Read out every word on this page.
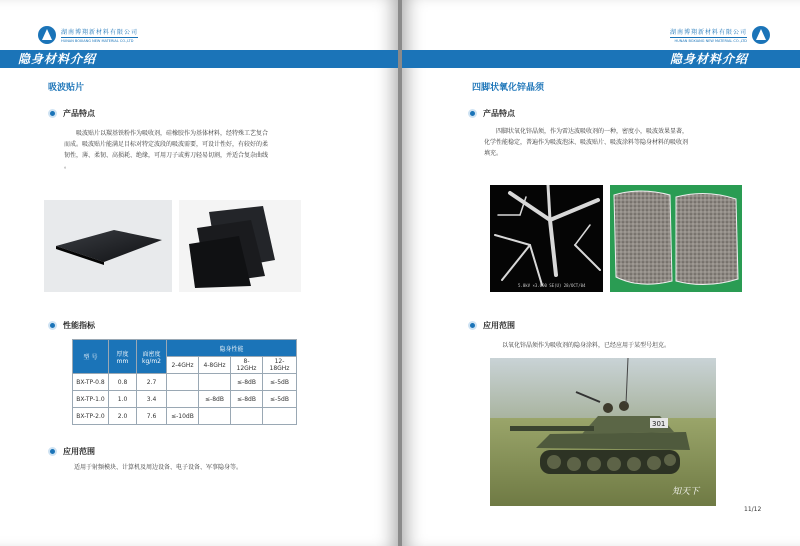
湖南博翔新材料有限公司
HUNAN BOXIANG NEW MATERIAL CO.,LTD
隐身材料介绍
吸波贴片
产品特点
吸波贴片以羰基铁粉作为吸收剂，硅橡胶作为基体材料，经特殊工艺复合
而成。吸波贴片能满足目标对特定波段的吸波需要，可设计性好，有较好的柔
韧性，薄、柔韧、高损耗、绝缘，可用刀子或剪刀轻易切割，并适合复杂曲线
。
性能指标
型 号	厚度 mm	面密度 kg/m2	隐身性能			
			2-4GHz	4-8GHz	8-12GHz	12-18GHz
BX-TP-0.8	0.8	2.7			≤-8dB	≤-5dB
BX-TP-1.0	1.0	3.4		≤-8dB	≤-8dB	≤-5dB
BX-TP-2.0	2.0	7.6	≤-10dB			
应用范围
适用于射频模块、计算机及周边设备、电子设备、军事隐身等。
湖南博翔新材料有限公司
HUNAN BOXIANG NEW MATERIAL CO.,LTD
隐身材料介绍
四脚状氧化锌晶须
产品特点
四脚状氧化锌晶须，作为雷达波吸收剂的一种，密度小，吸波效果显著，
化学性能稳定，普遍作为吸波泡沫、吸波贴片、吸波涂料等隐身材料的吸收剂
填充。
5.0kV ×3.000 SE(U) 28/OCT/04
应用范围
以氧化锌晶须作为吸收剂的隐身涂料，已经应用于某型号坦克。
301
知天下
11/12
